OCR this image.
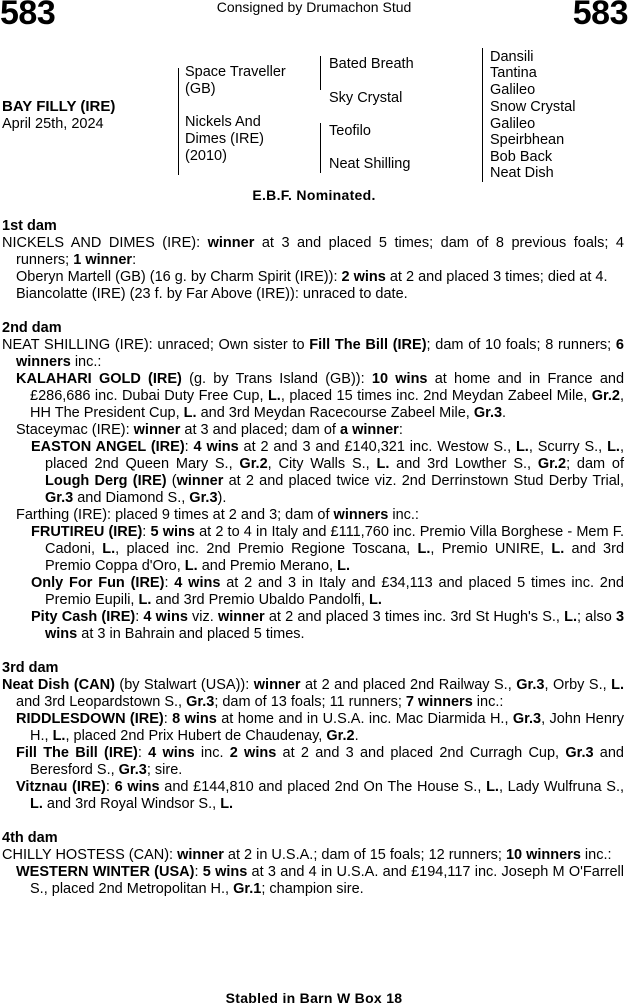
583	Consigned by Drumachon Stud	583
BAY FILLY (IRE)
April 25th, 2024
Space Traveller
(GB)
Nickels And
Dimes (IRE)
(2010)
Bated Breath
Sky Crystal
Teofilo
Neat Shilling
Dansili
Tantina
Galileo
Snow Crystal
Galileo
Speirbhean
Bob Back
Neat Dish
E.B.F. Nominated.
1st dam
NICKELS AND DIMES (IRE): winner at 3 and placed 5 times; dam of 8 previous foals; 4 runners; 1 winner:
Oberyn Martell (GB) (16 g. by Charm Spirit (IRE)): 2 wins at 2 and placed 3 times; died at 4.
Biancolatte (IRE) (23 f. by Far Above (IRE)): unraced to date.
2nd dam
NEAT SHILLING (IRE): unraced; Own sister to Fill The Bill (IRE); dam of 10 foals; 8 runners; 6 winners inc.:
KALAHARI GOLD (IRE) (g. by Trans Island (GB)): 10 wins at home and in France and £286,686 inc. Dubai Duty Free Cup, L., placed 15 times inc. 2nd Meydan Zabeel Mile, Gr.2, HH The President Cup, L. and 3rd Meydan Racecourse Zabeel Mile, Gr.3.
Staceymac (IRE): winner at 3 and placed; dam of a winner:
EASTON ANGEL (IRE): 4 wins at 2 and 3 and £140,321 inc. Westow S., L., Scurry S., L., placed 2nd Queen Mary S., Gr.2, City Walls S., L. and 3rd Lowther S., Gr.2; dam of Lough Derg (IRE) (winner at 2 and placed twice viz. 2nd Derrinstown Stud Derby Trial, Gr.3 and Diamond S., Gr.3).
Farthing (IRE): placed 9 times at 2 and 3; dam of winners inc.:
FRUTIREU (IRE): 5 wins at 2 to 4 in Italy and £111,760 inc. Premio Villa Borghese - Mem F. Cadoni, L., placed inc. 2nd Premio Regione Toscana, L., Premio UNIRE, L. and 3rd Premio Coppa d'Oro, L. and Premio Merano, L.
Only For Fun (IRE): 4 wins at 2 and 3 in Italy and £34,113 and placed 5 times inc. 2nd Premio Eupili, L. and 3rd Premio Ubaldo Pandolfi, L.
Pity Cash (IRE): 4 wins viz. winner at 2 and placed 3 times inc. 3rd St Hugh's S., L.; also 3 wins at 3 in Bahrain and placed 5 times.
3rd dam
Neat Dish (CAN) (by Stalwart (USA)): winner at 2 and placed 2nd Railway S., Gr.3, Orby S., L. and 3rd Leopardstown S., Gr.3; dam of 13 foals; 11 runners; 7 winners inc.:
RIDDLESDOWN (IRE): 8 wins at home and in U.S.A. inc. Mac Diarmida H., Gr.3, John Henry H., L., placed 2nd Prix Hubert de Chaudenay, Gr.2.
Fill The Bill (IRE): 4 wins inc. 2 wins at 2 and 3 and placed 2nd Curragh Cup, Gr.3 and Beresford S., Gr.3; sire.
Vitznau (IRE): 6 wins and £144,810 and placed 2nd On The House S., L., Lady Wulfruna S., L. and 3rd Royal Windsor S., L.
4th dam
CHILLY HOSTESS (CAN): winner at 2 in U.S.A.; dam of 15 foals; 12 runners; 10 winners inc.:
WESTERN WINTER (USA): 5 wins at 3 and 4 in U.S.A. and £194,117 inc. Joseph M O'Farrell S., placed 2nd Metropolitan H., Gr.1; champion sire.
Stabled in Barn W Box 18
